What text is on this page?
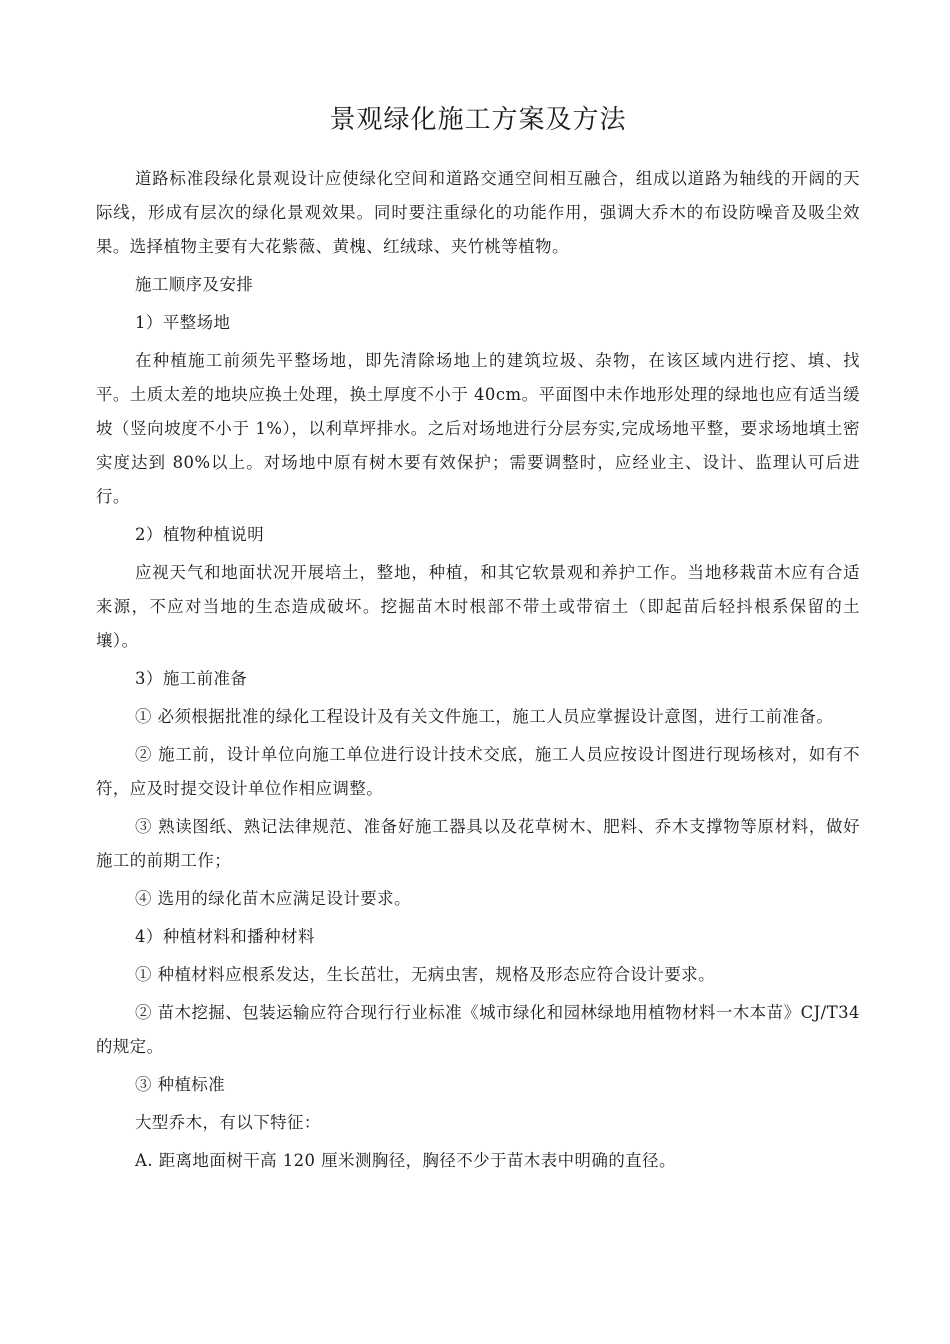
景观绿化施工方案及方法

道路标准段绿化景观设计应使绿化空间和道路交通空间相互融合，组成以道路为轴线的开阔的天际线，形成有层次的绿化景观效果。同时要注重绿化的功能作用，强调大乔木的布设防噪音及吸尘效果。选择植物主要有大花紫薇、黄槐、红绒球、夹竹桃等植物。

施工顺序及安排

1）平整场地

在种植施工前须先平整场地，即先清除场地上的建筑垃圾、杂物，在该区域内进行挖、填、找平。土质太差的地块应换土处理，换土厚度不小于 40cm。平面图中未作地形处理的绿地也应有适当缓坡（竖向坡度不小于 1%），以利草坪排水。之后对场地进行分层夯实,完成场地平整，要求场地填土密实度达到 80%以上。对场地中原有树木要有效保护；需要调整时，应经业主、设计、监理认可后进行。

2）植物种植说明

应视天气和地面状况开展培土，整地，种植，和其它软景观和养护工作。当地移栽苗木应有合适来源，不应对当地的生态造成破坏。挖掘苗木时根部不带土或带宿土（即起苗后轻抖根系保留的土壤）。

3）施工前准备

① 必须根据批准的绿化工程设计及有关文件施工，施工人员应掌握设计意图，进行工前准备。

② 施工前，设计单位向施工单位进行设计技术交底，施工人员应按设计图进行现场核对，如有不符，应及时提交设计单位作相应调整。

③ 熟读图纸、熟记法律规范、准备好施工器具以及花草树木、肥料、乔木支撑物等原材料，做好施工的前期工作；

④ 选用的绿化苗木应满足设计要求。

4）种植材料和播种材料

① 种植材料应根系发达，生长茁壮，无病虫害，规格及形态应符合设计要求。

② 苗木挖掘、包装运输应符合现行行业标准《城市绿化和园林绿地用植物材料一木本苗》CJ/T34 的规定。

③ 种植标准

大型乔木，有以下特征：

A. 距离地面树干高 120 厘米测胸径，胸径不少于苗木表中明确的直径。
